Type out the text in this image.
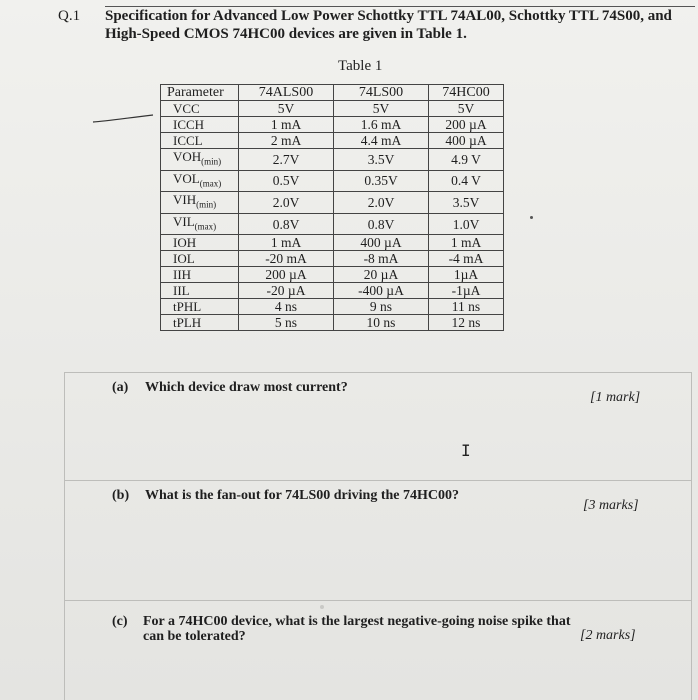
Q.1 Specification for Advanced Low Power Schottky TTL 74AL00, Schottky TTL 74S00, and High-Speed CMOS 74HC00 devices are given in Table 1.
Table 1
Parameter	74ALS00	74LS00	74HC00
VCC	5V	5V	5V
ICCH	1 mA	1.6 mA	200 µA
ICCL	2 mA	4.4 mA	400 µA
$VOH_{(min)}$	2.7V	3.5V	4.9 V
$VOL_{(max)}$	0.5V	0.35V	0.4 V
$VIH_{(min)}$	2.0V	2.0V	3.5V
$VIL_{(max)}$	0.8V	0.8V	1.0V
IOH	1 mA	400 µA	1 mA
IOL	-20 mA	-8 mA	-4 mA
IIH	200 µA	20 µA	1µA
IIL	-20 µA	-400 µA	-1µA
tPHL	4 ns	9 ns	11 ns
tPLH	5 ns	10 ns	12 ns
(a) Which device draw most current?
[1 mark]
I
(b) What is the fan-out for 74LS00 driving the 74HC00?
[3 marks]
(c) For a 74HC00 device, what is the largest negative-going noise spike that can be tolerated?	[2 marks]
